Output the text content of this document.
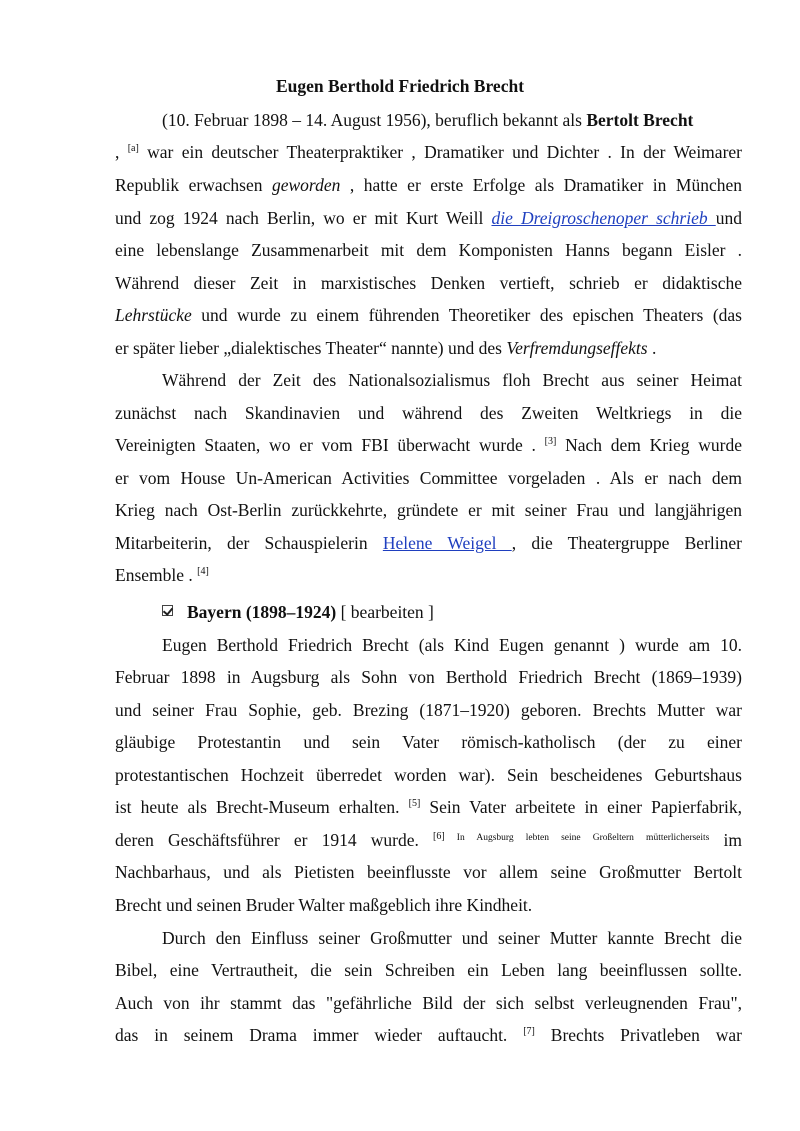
Eugen Berthold Friedrich Brecht
(10. Februar 1898 – 14. August 1956), beruflich bekannt als Bertolt Brecht
, [a] war ein deutscher Theaterpraktiker , Dramatiker und Dichter . In der Weimarer
Republik erwachsen geworden , hatte er erste Erfolge als Dramatiker in München
und zog 1924 nach Berlin, wo er mit Kurt Weill die Dreigroschenoper schrieb und
eine lebenslange Zusammenarbeit mit dem Komponisten Hanns begann Eisler .
Während dieser Zeit in marxistisches Denken vertieft, schrieb er didaktische
Lehrstücke und wurde zu einem führenden Theoretiker des epischen Theaters (das
er später lieber „dialektisches Theater“ nannte) und des Verfremdungseffekts .
Während der Zeit des Nationalsozialismus floh Brecht aus seiner Heimat
zunächst nach Skandinavien und während des Zweiten Weltkriegs in die
Vereinigten Staaten, wo er vom FBI überwacht wurde . [3] Nach dem Krieg wurde
er vom House Un-American Activities Committee vorgeladen . Als er nach dem
Krieg nach Ost-Berlin zurückkehrte, gründete er mit seiner Frau und langjährigen
Mitarbeiterin, der Schauspielerin Helene Weigel , die Theatergruppe Berliner
Ensemble . [4]
Bayern (1898–1924) [ bearbeiten ]
Eugen Berthold Friedrich Brecht (als Kind Eugen genannt ) wurde am 10.
Februar 1898 in Augsburg als Sohn von Berthold Friedrich Brecht (1869–1939)
und seiner Frau Sophie, geb. Brezing (1871–1920) geboren. Brechts Mutter war
gläubige Protestantin und sein Vater römisch-katholisch (der zu einer
protestantischen Hochzeit überredet worden war). Sein bescheidenes Geburtshaus
ist heute als Brecht-Museum erhalten. [5] Sein Vater arbeitete in einer Papierfabrik,
deren Geschäftsführer er 1914 wurde. [6] $^{In Augsburg lebten seine Großeltern mütterlicherseits}$ im
Nachbarhaus, und als Pietisten beeinflusste vor allem seine Großmutter Bertolt
Brecht und seinen Bruder Walter maßgeblich ihre Kindheit.
Durch den Einfluss seiner Großmutter und seiner Mutter kannte Brecht die
Bibel, eine Vertrautheit, die sein Schreiben ein Leben lang beeinflussen sollte.
Auch von ihr stammt das "gefährliche Bild der sich selbst verleugnenden Frau",
das in seinem Drama immer wieder auftaucht. [7] Brechts Privatleben war
